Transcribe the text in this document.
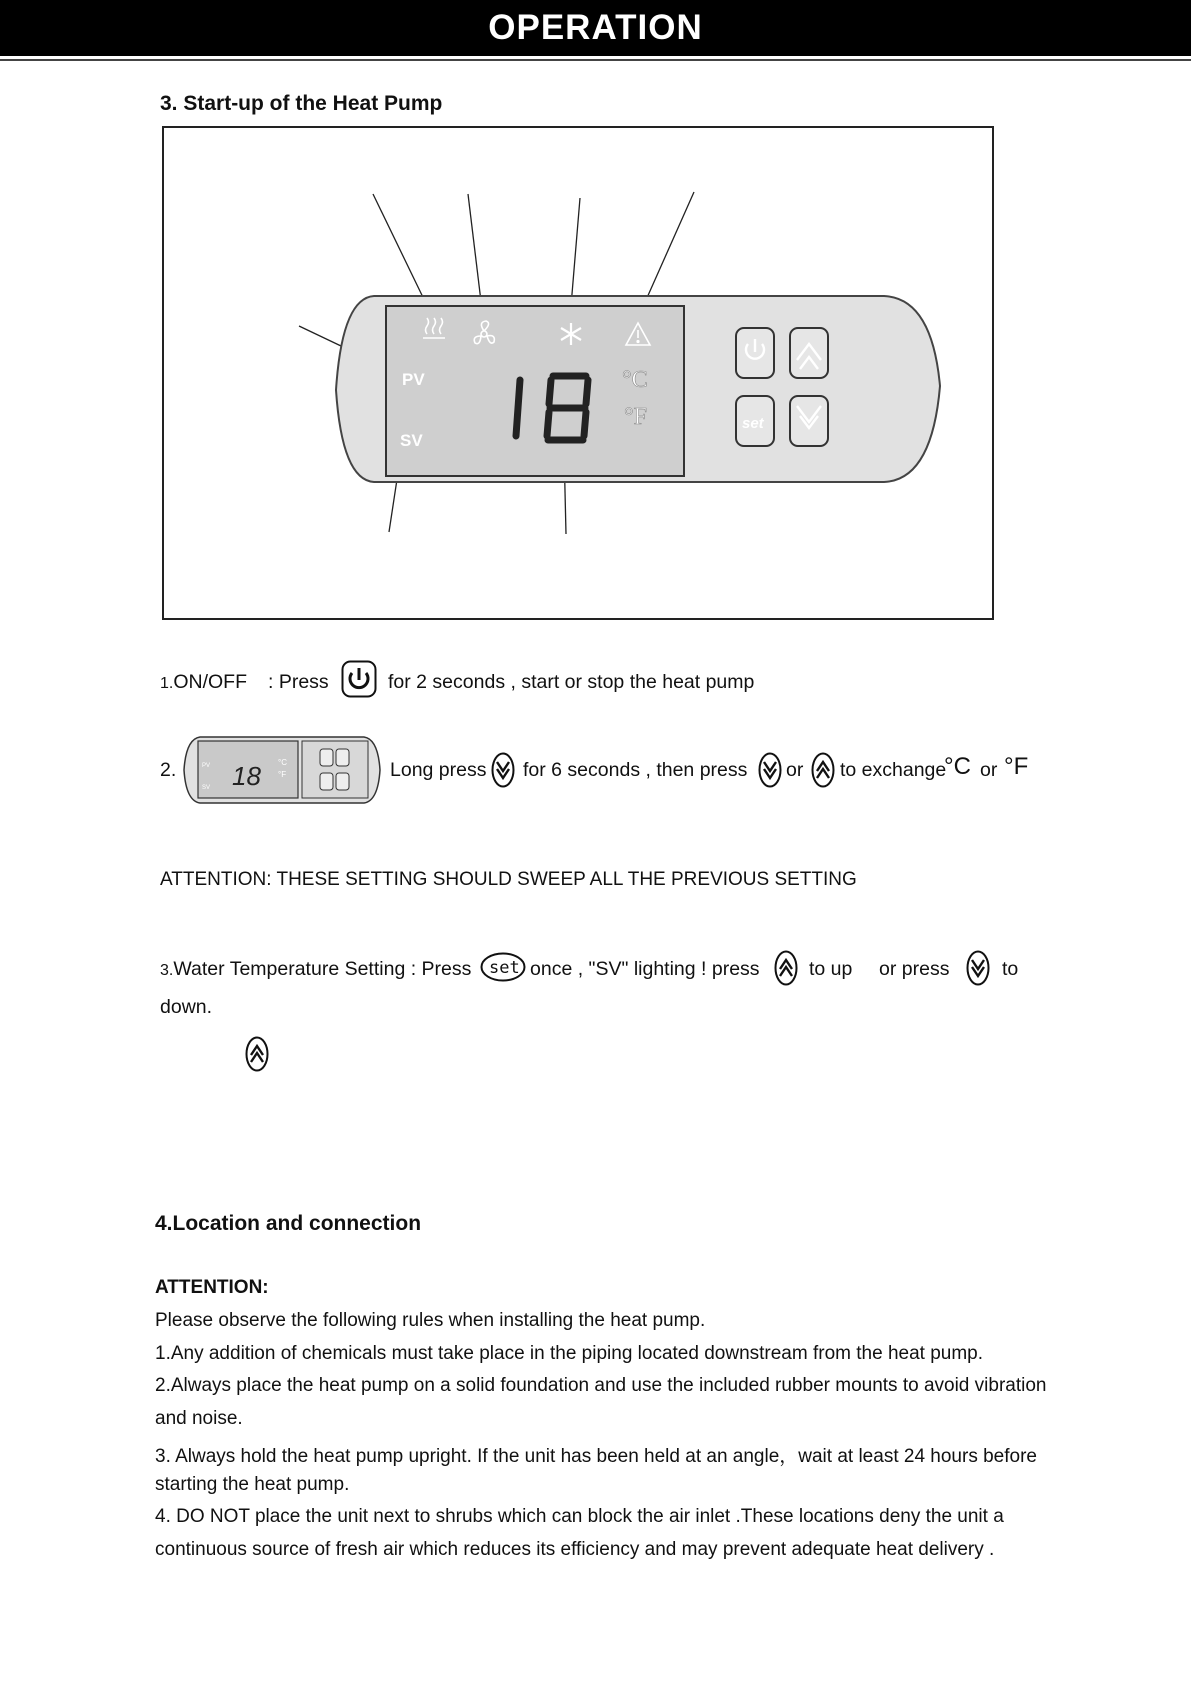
OPERATION
3. Start-up of the Heat Pump
PV
SV
°C
°F	set
1.ON/OFF : Press	for 2 seconds , start or stop the heat pump
2. 18 °C
°F
PV
SV
Long press for 6 seconds , then press or to exchange
°C or °F
ATTENTION: THESE SETTING SHOULD SWEEP ALL THE PREVIOUS SETTING
3.Water Temperature Setting : Press set once , "SV" lighting ! press	to up or press	to
down.
4.Location and connection
ATTENTION:
Please observe the following rules when installing the heat pump.
1.Any addition of chemicals must take place in the piping located downstream from the heat pump.
2.Always place the heat pump on a solid foundation and use the included rubber mounts to avoid vibration
and noise.
3. Always hold the heat pump upright. If the unit has been held at an angle，wait at least 24 hours before
starting the heat pump.
4. DO NOT place the unit next to shrubs which can block the air inlet .These locations deny the unit a
continuous source of fresh air which reduces its efficiency and may prevent adequate heat delivery .
